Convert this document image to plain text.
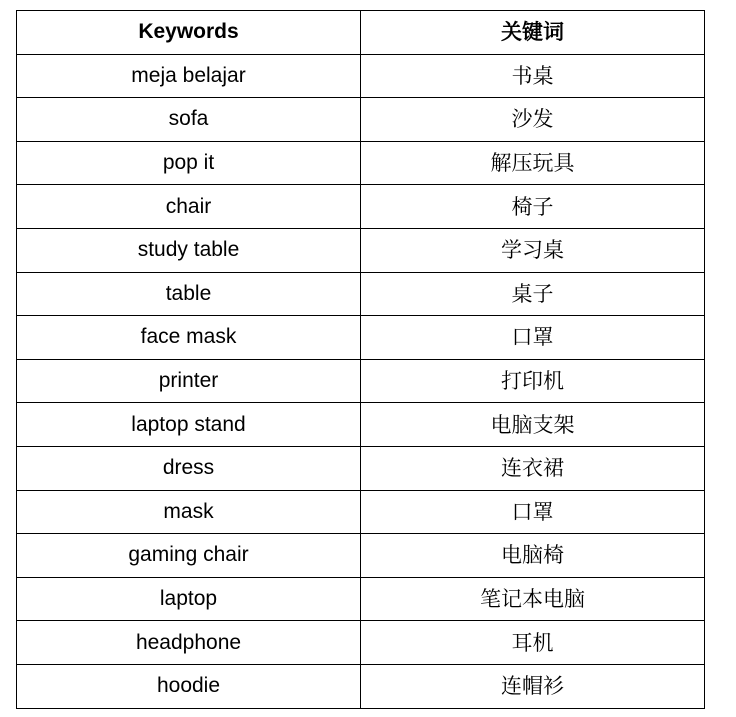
Keywords	关键词
meja belajar	书桌
sofa	沙发
pop it	解压玩具
chair	椅子
study table	学习桌
table	桌子
face mask	口罩
printer	打印机
laptop stand	电脑支架
dress	连衣裙
mask	口罩
gaming chair	电脑椅
laptop	笔记本电脑
headphone	耳机
hoodie	连帽衫
